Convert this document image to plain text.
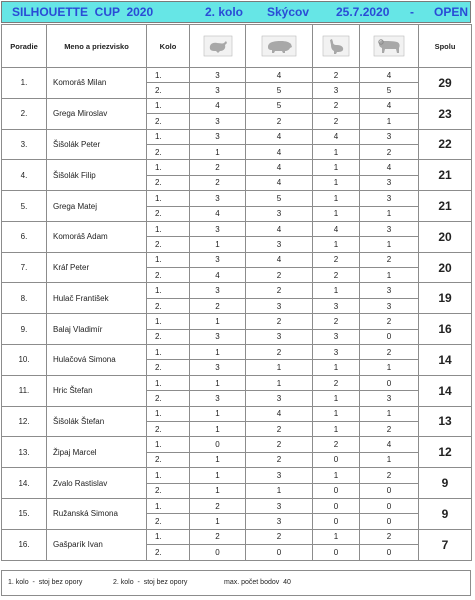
SILHOUETTE  CUP  2020	2. kolo Skýcov 25.7.2020 - OPEN
Poradie	Meno a priezvisko	Kolo					Spolu
1.	Komoráš Milan	1.	3	4	2	4	29
		2.	3	5	3	5	
2.	Grega Miroslav	1.	4	5	2	4	23
		2.	3	2	2	1	
3.	Šišolák Peter	1.	3	4	4	3	22
		2.	1	4	1	2	
4.	Šišolák Filip	1.	2	4	1	4	21
		2.	2	4	1	3	
5.	Grega Matej	1.	3	5	1	3	21
		2.	4	3	1	1	
6.	Komoráš Adam	1.	3	4	4	3	20
		2.	1	3	1	1	
7.	Kráľ Peter	1.	3	4	2	2	20
		2.	4	2	2	1	
8.	Hulač František	1.	3	2	1	3	19
		2.	2	3	3	3	
9.	Balaj Vladimír	1.	1	2	2	2	16
		2.	3	3	3	0	
10.	Hulačová Simona	1.	1	2	3	2	14
		2.	3	1	1	1	
11.	Hric Štefan	1.	1	1	2	0	14
		2.	3	3	1	3	
12.	Šišolák Štefan	1.	1	4	1	1	13
		2.	1	2	1	2	
13.	Žipaj Marcel	1.	0	2	2	4	12
		2.	1	2	0	1	
14.	Zvalo Rastislav	1.	1	3	1	2	9
		2.	1	1	0	0	
15.	Ružanská Simona	1.	2	3	0	0	9
		2.	1	3	0	0	
16.	Gašparík Ivan	1.	2	2	1	2	7
		2.	0	0	0	0	
1. kolo  -  stoj bez opory	2. kolo  -  stoj bez opory	max. počet bodov  40
